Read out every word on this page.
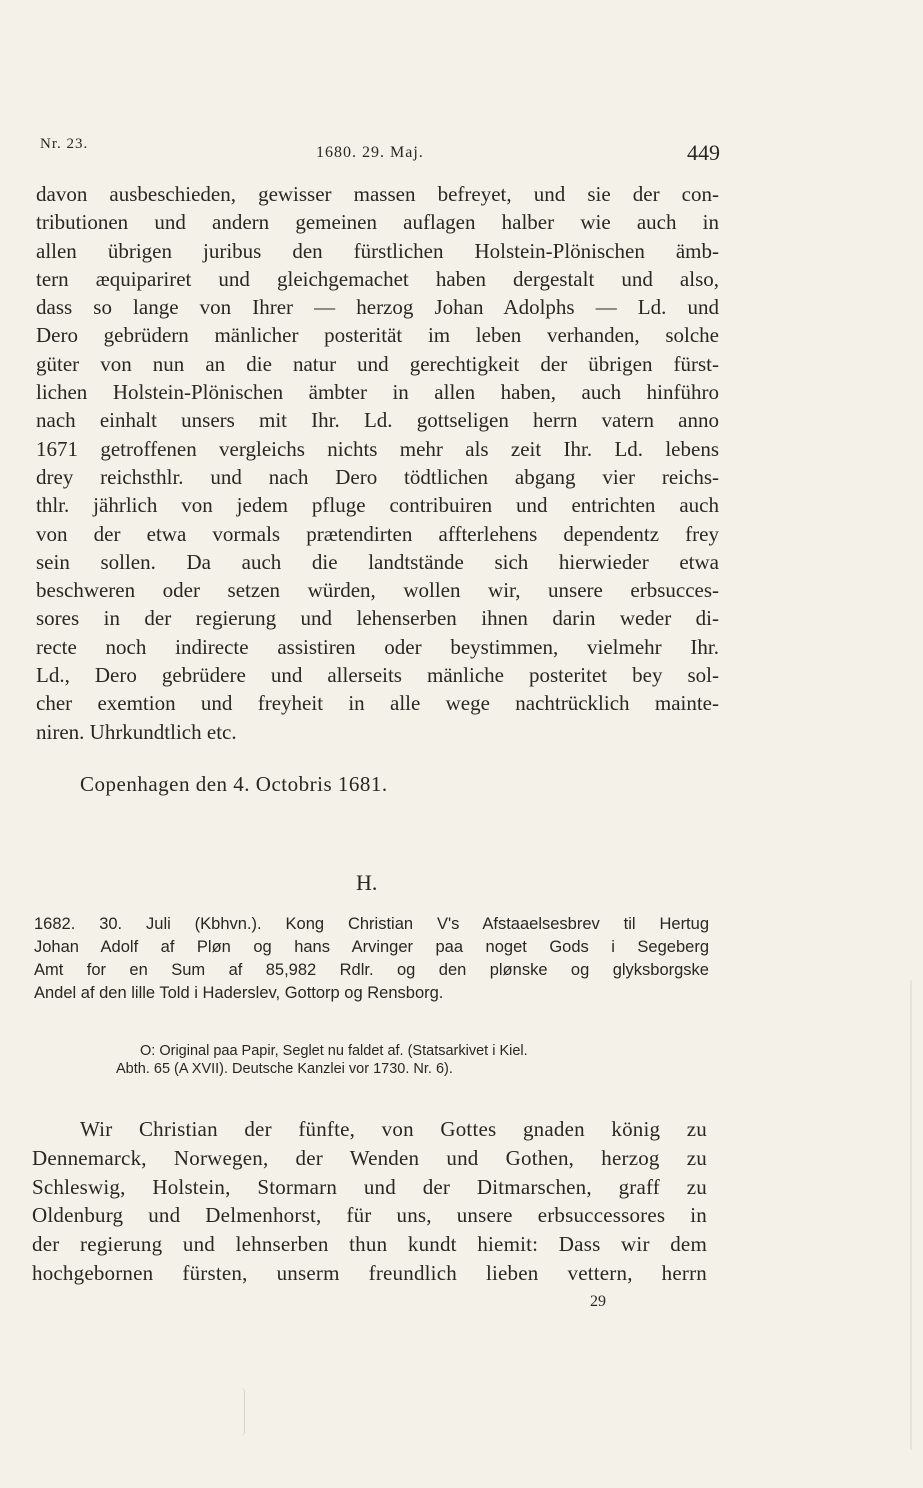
Nr. 23.	1680. 29. Maj.	449
davon ausbeschieden, gewisser massen befreyet, und sie der con-
tributionen und andern gemeinen auflagen halber wie auch in
allen übrigen juribus den fürstlichen Holstein-Plönischen ämb-
tern æquipariret und gleichgemachet haben dergestalt und also,
dass so lange von Ihrer — herzog Johan Adolphs — Ld. und
Dero gebrüdern mänlicher posterität im leben verhanden, solche
güter von nun an die natur und gerechtigkeit der übrigen fürst-
lichen Holstein-Plönischen ämbter in allen haben, auch hinführo
nach einhalt unsers mit Ihr. Ld. gottseligen herrn vatern anno
1671 getroffenen vergleichs nichts mehr als zeit Ihr. Ld. lebens
drey reichsthlr. und nach Dero tödtlichen abgang vier reichs-
thlr. jährlich von jedem pfluge contribuiren und entrichten auch
von der etwa vormals prætendirten affterlehens dependentz frey
sein sollen. Da auch die landtstände sich hierwieder etwa
beschweren oder setzen würden, wollen wir, unsere erbsucces-
sores in der regierung und lehenserben ihnen darin weder di-
recte noch indirecte assistiren oder beystimmen, vielmehr Ihr.
Ld., Dero gebrüdere und allerseits mänliche posteritet bey sol-
cher exemtion und freyheit in alle wege nachtrücklich mainte-
niren. Uhrkundtlich etc.
Copenhagen den 4. Octobris 1681.
H.
1682. 30. Juli (Kbhvn.). Kong Christian V's Afstaaelsesbrev til Hertug
Johan Adolf af Pløn og hans Arvinger paa noget Gods i Segeberg
Amt for en Sum af 85,982 Rdlr. og den plønske og glyksborgske
Andel af den lille Told i Haderslev, Gottorp og Rensborg.
O: Original paa Papir, Seglet nu faldet af. (Statsarkivet i Kiel.
Abth. 65 (A XVII). Deutsche Kanzlei vor 1730. Nr. 6).
Wir Christian der fünfte, von Gottes gnaden könig zu
Dennemarck, Norwegen, der Wenden und Gothen, herzog zu
Schleswig, Holstein, Stormarn und der Ditmarschen, graff zu
Oldenburg und Delmenhorst, für uns, unsere erbsuccessores in
der regierung und lehnserben thun kundt hiemit: Dass wir dem
hochgebornen fürsten, unserm freundlich lieben vettern, herrn
29
